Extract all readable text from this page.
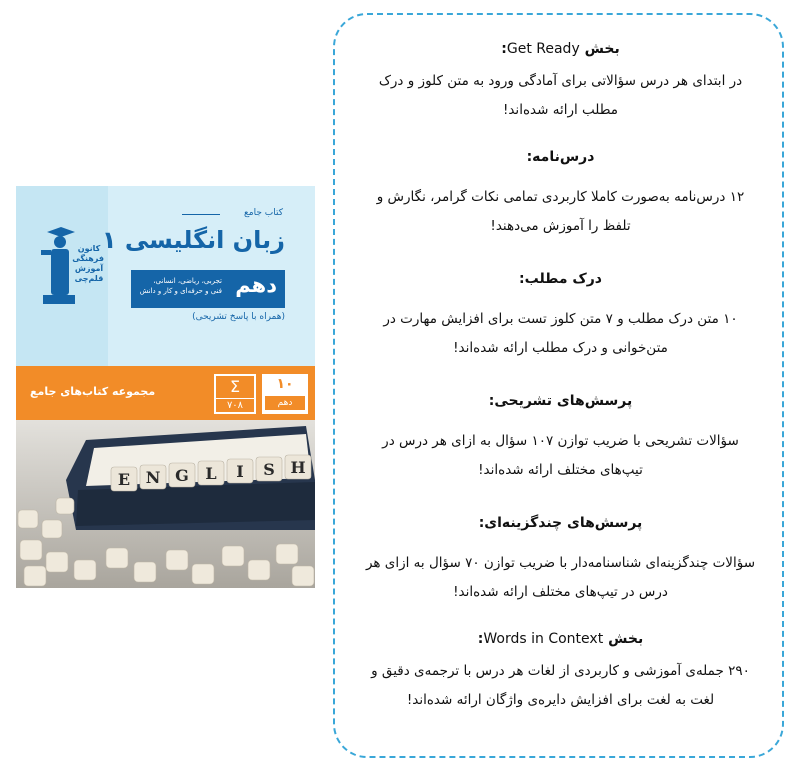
کانون
فرهنگی
آموزش
قلم‌چی
کتاب جامع
زبان انگلیسی ۱
دهم
تجربی، ریاضی، انسانی،
فنی و حرفه‌ای و کار و دانش
(همراه با پاسخ تشریحی)
مجموعه کتاب‌های جامع	Σ
۷۰۸
۱۰
دهم
E N G L I S H
بخش Get Ready:
در ابتدای هر درس سؤالاتی برای آمادگی ورود به متن کلوز و درک
مطلب ارائه شده‌اند!
درس‌نامه:
۱۲ درس‌نامه به‌صورت کاملا کاربردی تمامی نکات گرامر، نگارش و
تلفظ را آموزش می‌دهند!
درک مطلب:
۱۰ متن درک مطلب و ۷ متن کلوز تست برای افزایش مهارت در
متن‌خوانی و درک مطلب ارائه شده‌اند!
پرسش‌های تشریحی:
سؤالات تشریحی با ضریب توازن ۱۰۷ سؤال به ازای هر درس در
تیپ‌های مختلف ارائه شده‌اند!
پرسش‌های چندگزینه‌ای:
سؤالات چندگزینه‌ای شناسنامه‌دار با ضریب توازن ۷۰ سؤال به ازای هر
درس در تیپ‌های مختلف ارائه شده‌اند!
بخش Words in Context:
۲۹۰ جمله‌ی آموزشی و کاربردی از لغات هر درس با ترجمه‌ی دقیق و
لغت به لغت برای افزایش دایره‌ی واژگان ارائه شده‌اند!
